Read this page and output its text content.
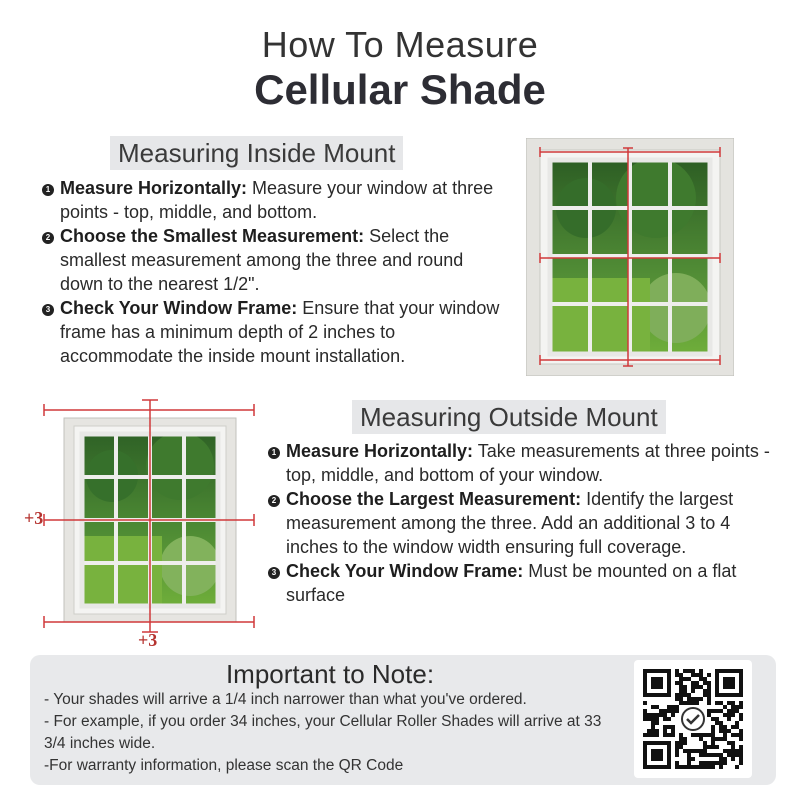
How To Measure
Cellular Shade
Measuring Inside Mount

1 Measure Horizontally: Measure your window at three points - top, middle, and bottom.

2 Choose the Smallest Measurement: Select the smallest measurement among the three and round down to the nearest 1/2".

3 Check Your Window Frame: Ensure that your window frame has a minimum depth of 2 inches to accommodate the inside mount installation.

+3
+3
Measuring Outside Mount

1 Measure Horizontally: Take measurements at three points - top, middle, and bottom of your window.

2 Choose the Largest Measurement: Identify the largest measurement among the three. Add an additional 3 to 4 inches to the window width ensuring full coverage.

3 Check Your Window Frame: Must be mounted on a flat surface

Important to Note:
- Your shades will arrive a 1/4 inch narrower than what you've ordered.
- For example, if you order 34 inches, your Cellular Roller Shades will arrive at 33 3/4 inches wide.
-For warranty information, please scan the QR Code
